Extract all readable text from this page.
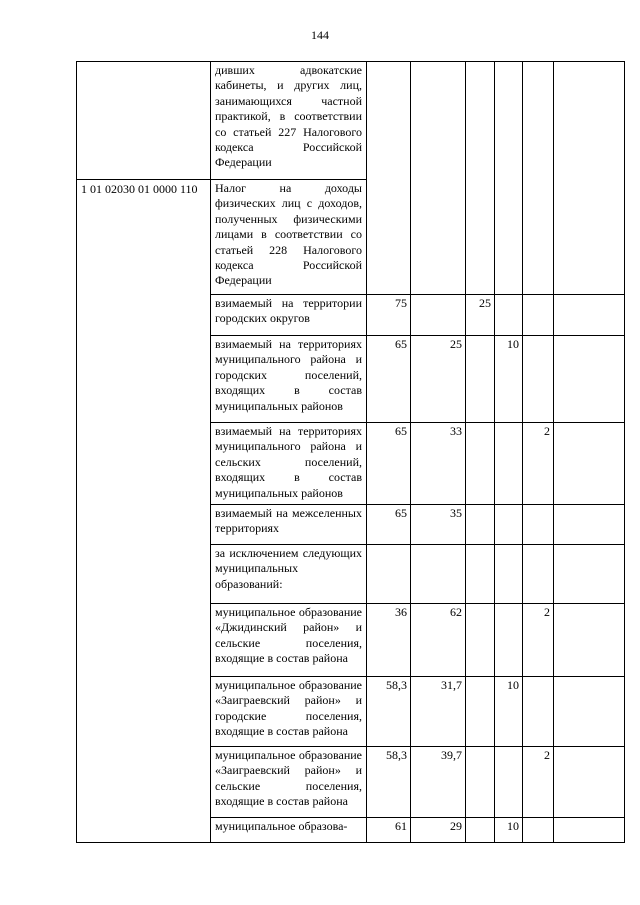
144
	дивших адвокатские кабинеты, и других лиц, занимающихся частной практикой, в соответствии со статьей 227 Налогового кодекса Российской Федерации						
1 01 02030 01 0000 110	Налог на доходы физических лиц с доходов, полученных физическими лицами в соответствии со статьей 228 Налогового кодекса Российской Федерации						
	взимаемый на территории городских округов	75		25			
	взимаемый на территориях муниципального района и городских поселений, входящих в состав муниципальных районов	65	25		10		
	взимаемый на территориях муниципального района и сельских поселений, входящих в состав муниципальных районов	65	33			2	
	взимаемый на межселенных территориях	65	35				
	за исключением следующих муниципальных образований:						
	муниципальное образование «Джидинский район» и сельские поселения, входящие в состав района	36	62			2	
	муниципальное образование «Заиграевский район» и городские поселения, входящие в состав района	58,3	31,7		10		
	муниципальное образование «Заиграевский район» и сельские поселения, входящие в состав района	58,3	39,7			2	
	муниципальное образова-	61	29		10		
